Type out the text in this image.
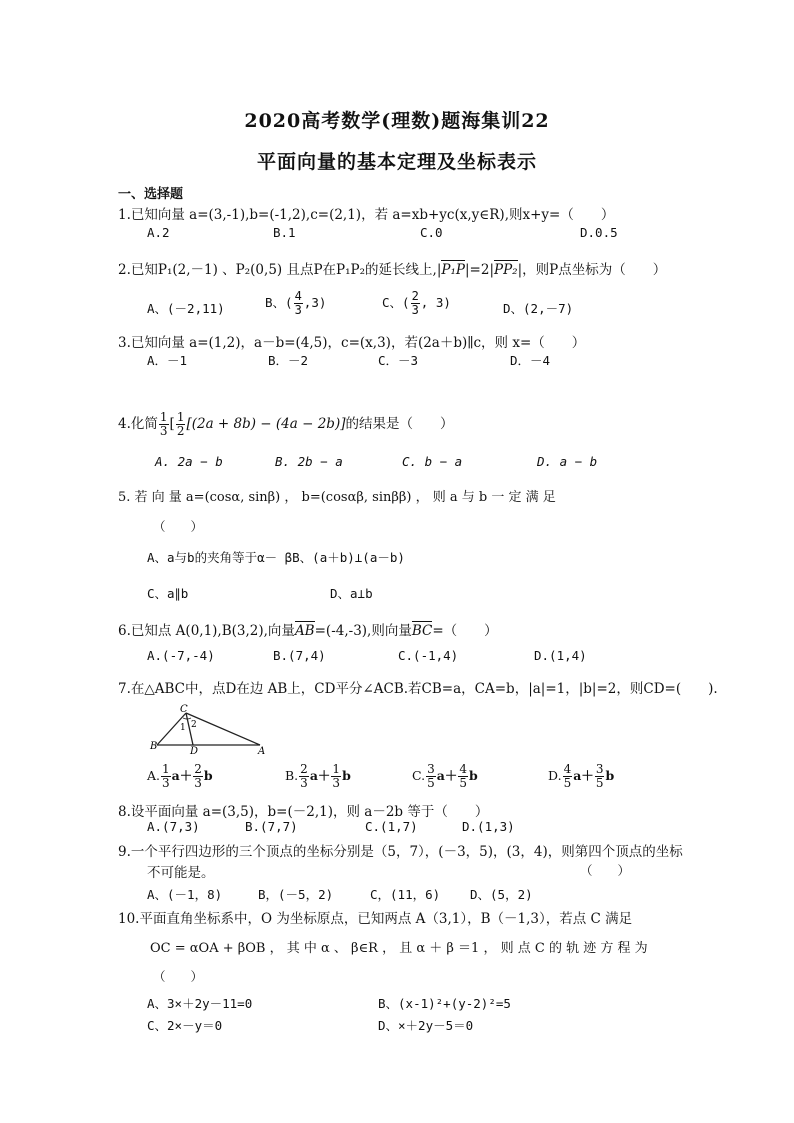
2020高考数学(理数)题海集训22
平面向量的基本定理及坐标表示
一、选择题
1.已知向量 a=(3,-1),b=(-1,2),c=(2,1)，若 a=xb+yc(x,y∈R),则x+y=（　　）
A.2	B.1	C.0	D.0.5
2.已知P₁(2,－1) 、P₂(0,5) 且点P在P₁P₂的延长线上,|P₁P|=2|PP₂|，则P点坐标为（　　）
A、(－2,11)	B、( $\frac{4}{3} ,3$)	C、( $\frac{2}{3}$ , 3)	D、(2,－7)
3.已知向量 a=(1,2)，a－b=(4,5)，c=(x,3)，若(2a＋b)∥c，则 x=（　　）
A．－1	B．－2	C．－3	D．－4
4.化简 $\frac{1}{3}$ [ $\frac{1}{2} [(2a + 8b) - (4a - 2b)]$的结果是（　　）
A. 2a − b	B. 2b − a	C. b − a	D. a − b
5. 若 向 量 a=(cosα, sinβ) ， b=(cosαβ, sinββ) ， 则 a 与 b 一 定 满 足
（　　）
A、a与b的夹角等于α－ βB、(a＋b)⊥(a－b)
C、a∥b	D、a⊥b
6.已知点 A(0,1),B(3,2),向量AB=(-4,-3),则向量BC=（　　）
A.(-7,-4)	B.(7,4)	C.(-1,4)	D.(1,4)
7.在△ABC中，点D在边 AB上，CD平分∠ACB.若CB=a，CA=b，|a|=1，|b|=2，则CD=(　　).
C
1 2
B	D	A
A. $\frac{1}{3} a+ \frac{2}{3}$ b	B. $\frac{2}{3} a+ \frac{1}{3}$ b	C. $\frac{3}{5} a+ \frac{4}{5}$ b	D. $\frac{4}{5} a+ \frac{3}{5}$ b
8.设平面向量 a=(3,5)，b=(－2,1)，则 a－2b 等于（　　）
A.(7,3)	B.(7,7)	C.(1,7)	D.(1,3)
9.一个平行四边形的三个顶点的坐标分别是（5，7），(－3，5)，(3，4)，则第四个顶点的坐标
不可能是。	（　　）
A、(－1，8)	B，(－5，2)	C，(11，6) D、(5，2)
10.平面直角坐标系中，O 为坐标原点，已知两点 A（3,1），B（－1,3），若点 C 满足
OC = αOA + βOB ， 其 中 α 、 β∈R ， 且 α ＋ β ＝1 ， 则 点 C 的 轨 迹 方 程 为
（　　）
A、3×＋2у－11=0	B、(x-1)²+(y-2)²=5
C、2×－у＝0	D、×＋2у－5＝0
